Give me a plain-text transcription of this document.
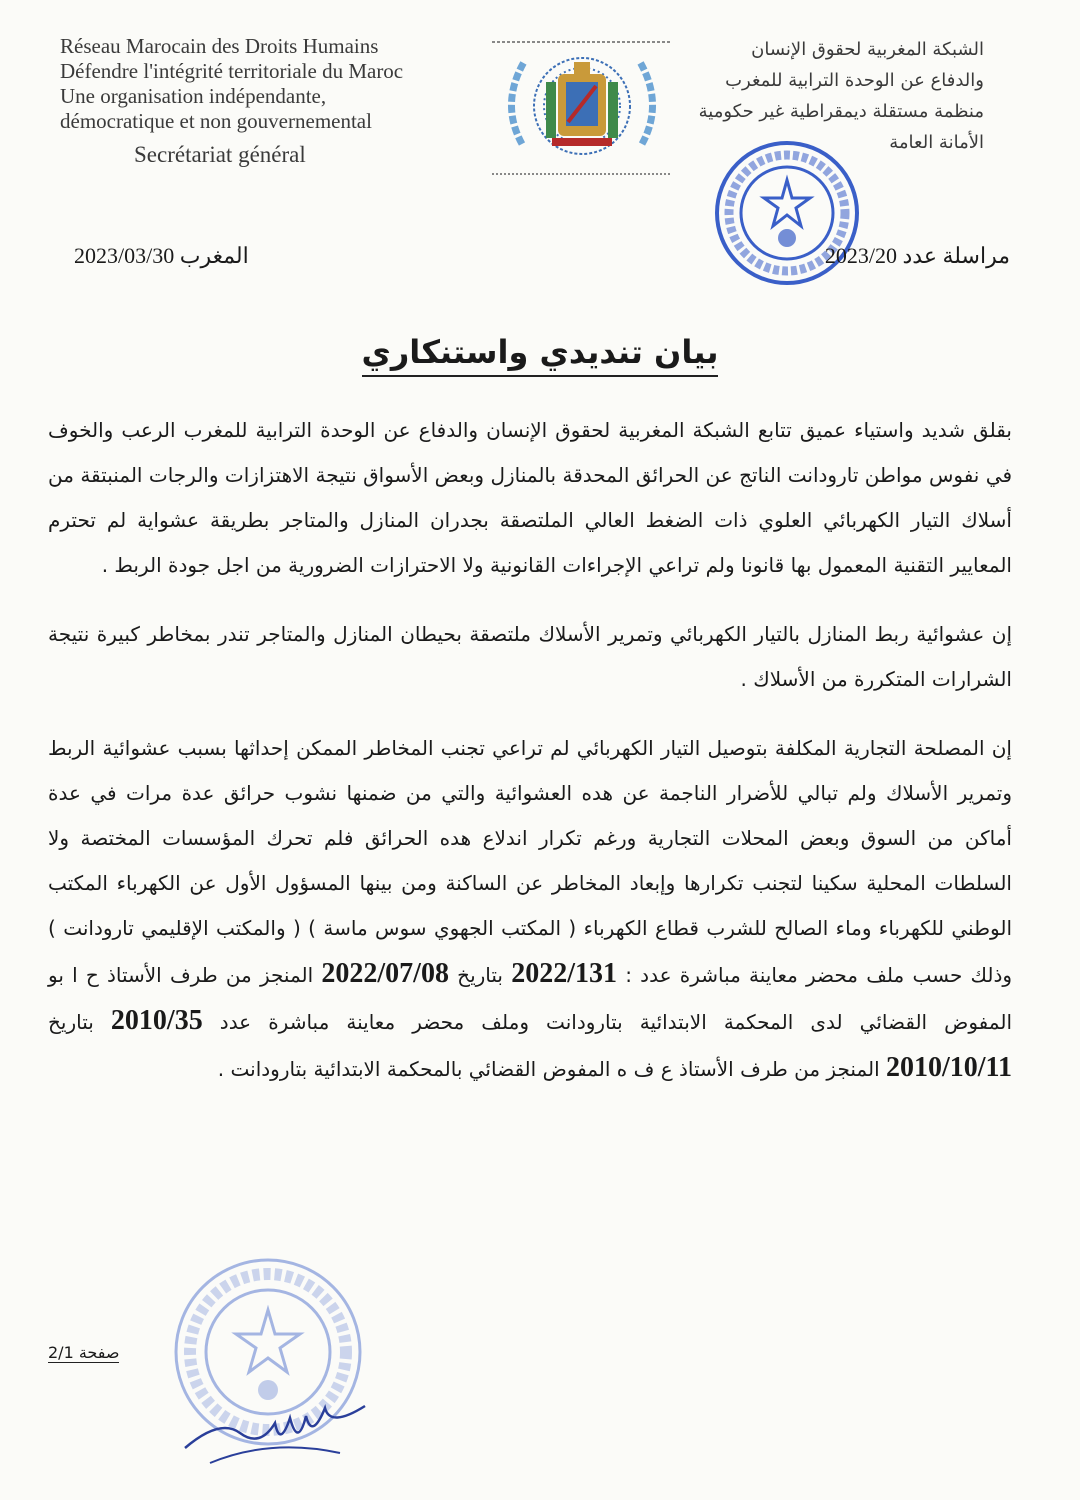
Réseau Marocain des Droits Humains
Défendre l'intégrité territoriale du Maroc
Une organisation indépendante,
démocratique et non gouvernemental
Secrétariat général
الشبكة المغربية لحقوق الإنسان
والدفاع عن الوحدة الترابية للمغرب
منظمة مستقلة ديمقراطية غير حكومية
الأمانة العامة
المغرب 2023/03/30	مراسلة عدد 2023/20
بيان تنديدي واستنكاري

بقلق شديد واستياء عميق تتابع الشبكة المغربية لحقوق الإنسان والدفاع عن الوحدة الترابية للمغرب الرعب والخوف في نفوس مواطن تارودانت الناتج عن الحرائق المحدقة بالمنازل وبعض الأسواق نتيجة الاهتزازات والرجات المنبتقة من أسلاك التيار الكهربائي العلوي ذات الضغط العالي الملتصقة بجدران المنازل والمتاجر بطريقة عشواية لم تحترم المعايير التقنية المعمول بها قانونا ولم تراعي الإجراءات القانونية ولا الاحترازات الضرورية من اجل جودة الربط .

إن عشوائية ربط المنازل بالتيار الكهربائي وتمرير الأسلاك ملتصقة بحيطان المنازل والمتاجر تندر بمخاطر كبيرة نتيجة الشرارات المتكررة من الأسلاك .

إن المصلحة التجارية المكلفة بتوصيل التيار الكهربائي لم تراعي تجنب المخاطر الممكن إحداثها بسبب عشوائية الربط وتمرير الأسلاك ولم تبالي للأضرار الناجمة عن هده العشوائية والتي من ضمنها نشوب حرائق عدة مرات في عدة أماكن من السوق وبعض المحلات التجارية ورغم تكرار اندلاع هده الحرائق فلم تحرك المؤسسات المختصة ولا السلطات المحلية سكينا لتجنب تكرارها وإبعاد المخاطر عن الساكنة ومن بينها المسؤول الأول عن الكهرباء المكتب الوطني للكهرباء وماء الصالح للشرب قطاع الكهرباء ( المكتب الجهوي سوس ماسة ) ( والمكتب الإقليمي تارودانت ) وذلك حسب ملف محضر معاينة مباشرة عدد : 2022/131 بتاريخ 2022/07/08 المنجز من طرف الأستاذ ح ا بو المفوض القضائي لدى المحكمة الابتدائية بتارودانت وملف محضر معاينة مباشرة عدد 2010/35 بتاريخ 2010/10/11 المنجز من طرف الأستاذ ع ف ه المفوض القضائي بالمحكمة الابتدائية بتارودانت .

صفحة 2/1
